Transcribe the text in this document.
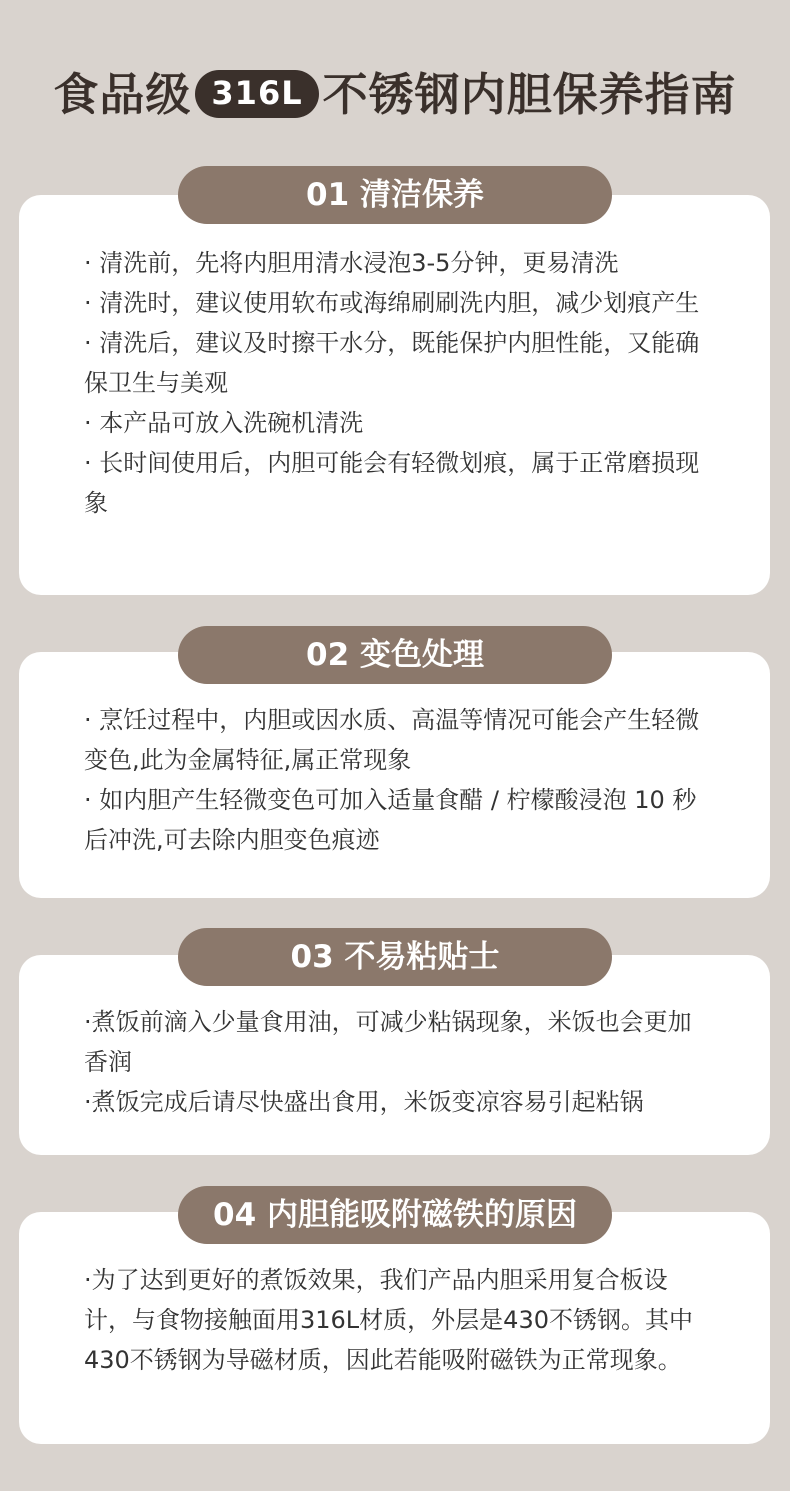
食品级 316L 不锈钢内胆保养指南
01 清洁保养
· 清洗前，先将内胆用清水浸泡3-5分钟，更易清洗
· 清洗时，建议使用软布或海绵刷刷洗内胆，减少划痕产生
· 清洗后，建议及时擦干水分，既能保护内胆性能，又能确保卫生与美观
· 本产品可放入洗碗机清洗
· 长时间使用后，内胆可能会有轻微划痕，属于正常磨损现象
02 变色处理
· 烹饪过程中，内胆或因水质、高温等情况可能会产生轻微变色,此为金属特征,属正常现象
· 如内胆产生轻微变色可加入适量食醋 / 柠檬酸浸泡 10 秒后冲洗,可去除内胆变色痕迹
03 不易粘贴士
·煮饭前滴入少量食用油，可减少粘锅现象，米饭也会更加香润
·煮饭完成后请尽快盛出食用，米饭变凉容易引起粘锅
04 内胆能吸附磁铁的原因
·为了达到更好的煮饭效果，我们产品内胆采用复合板设计，与食物接触面用316L材质，外层是430不锈钢。其中430不锈钢为导磁材质，因此若能吸附磁铁为正常现象。
